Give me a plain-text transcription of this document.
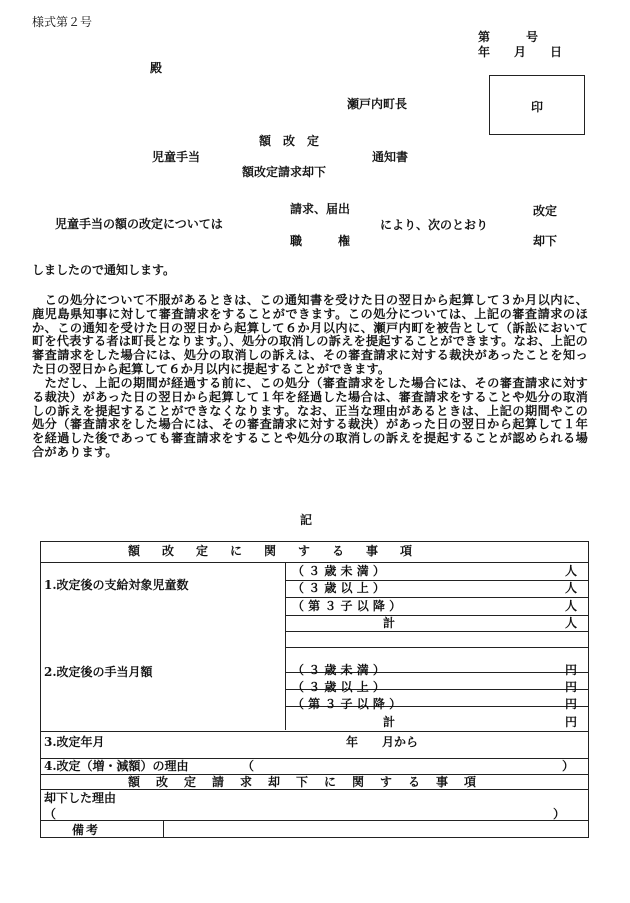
様式第２号
第　　　号
年　　月　　日
殿
瀬戸内町長	印
額　改　定
児童手当	通知書
額改定請求却下
請求、届出	改定
児童手当の額の改定については	により、次のとおり
職　　　権	却下
しましたので通知します。
　この処分について不服があるときは、この通知書を受けた日の翌日から起算して３か月以内に、鹿児島県知事に対して審査請求をすることができます。この処分については、上記の審査請求のほか、この通知を受けた日の翌日から起算して６か月以内に、瀬戸内町を被告として（訴訟において町を代表する者は町長となります。）、処分の取消しの訴えを提起することができます。なお、上記の審査請求をした場合には、処分の取消しの訴えは、その審査請求に対する裁決があったことを知った日の翌日から起算して６か月以内に提起することができます。
　ただし、上記の期間が経過する前に、この処分（審査請求をした場合には、その審査請求に対する裁決）があった日の翌日から起算して１年を経過した場合は、審査請求をすることや処分の取消しの訴えを提起することができなくなります。なお、正当な理由があるときは、上記の期間やこの処分（審査請求をした場合には、その審査請求に対する裁決）があった日の翌日から起算して１年を経過した後であっても審査請求をすることや処分の取消しの訴えを提起することが認められる場合があります。
記
額改定に関する事項
1.改定後の支給対象児童数
（ ３ 歳 未 満 ）	人
（ ３ 歳 以 上 ）	人
（ 第 ３ 子 以 降 ）	人
計	人
2.改定後の手当月額	（ ３ 歳 未 満 ）	円
（ ３ 歳 以 上 ）	円
（ 第 ３ 子 以 降 ）	円
計	円
3.改定年月	年　　月から
4.改定（増・減額）の理由	（	）
額改定請求却下に関する事項
却下した理由
（	）
備考
